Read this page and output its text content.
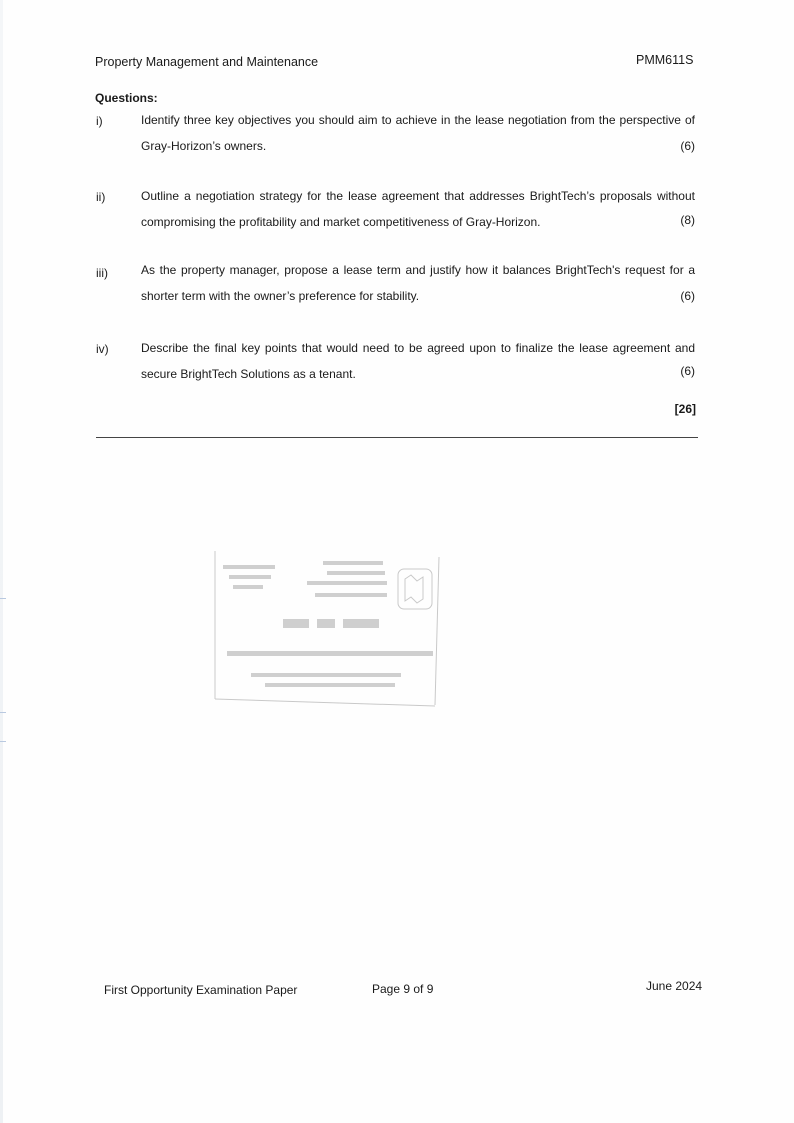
Property Management and Maintenance	PMM611S
Questions:
i)	Identify three key objectives you should aim to achieve in the lease negotiation from the perspective of Gray-Horizon’s owners.	(6)
ii)	Outline a negotiation strategy for the lease agreement that addresses BrightTech’s proposals without compromising the profitability and market competitiveness of Gray-Horizon.	(8)
iii)	As the property manager, propose a lease term and justify how it balances BrightTech's request for a shorter term with the owner’s preference for stability.	(6)
iv)	Describe the final key points that would need to be agreed upon to finalize the lease agreement and secure BrightTech Solutions as a tenant.	(6)
[26]
First Opportunity Examination Paper	Page 9 of 9	June 2024
